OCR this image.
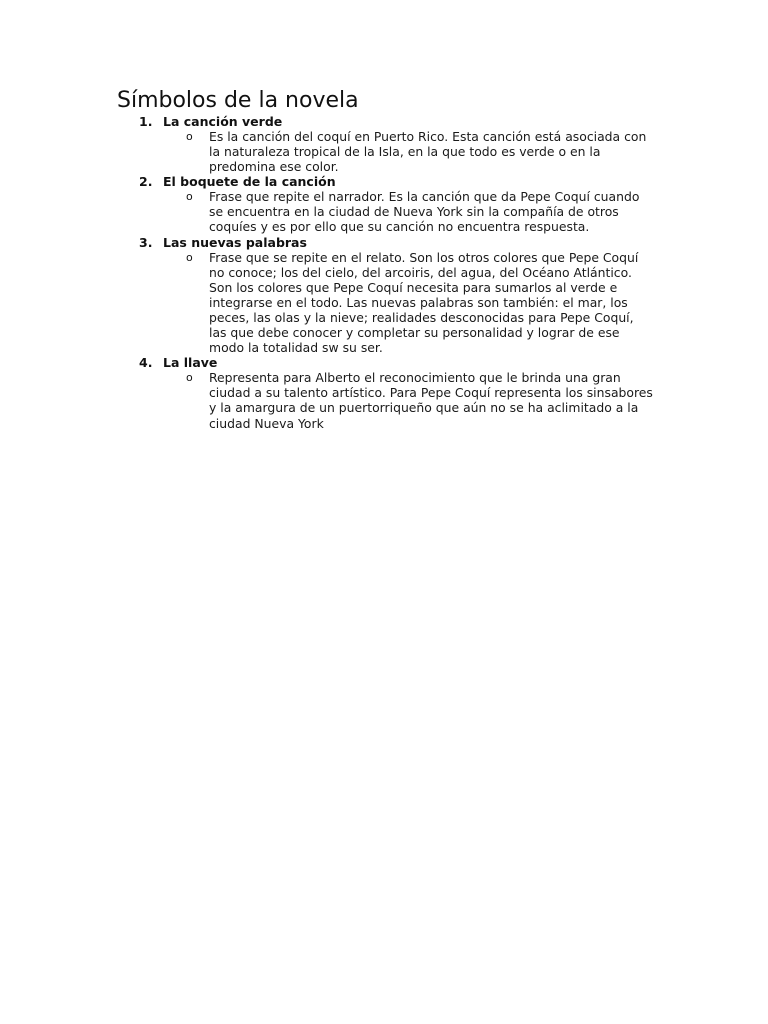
Símbolos de la novela
1. La canción verde
o Es la canción del coquí en Puerto Rico. Esta canción está asociada con la naturaleza tropical de la Isla, en la que todo es verde o en la predomina ese color.
2. El boquete de la canción
o Frase que repite el narrador. Es la canción que da Pepe Coquí cuando se encuentra en la ciudad de Nueva York sin la compañía de otros coquíes y es por ello que su canción no encuentra respuesta.
3. Las nuevas palabras
o Frase que se repite en el relato. Son los otros colores que Pepe Coquí no conoce; los del cielo, del arcoiris, del agua, del Océano Atlántico. Son los colores que Pepe Coquí necesita para sumarlos al verde e integrarse en el todo. Las nuevas palabras son también: el mar, los peces, las olas y la nieve; realidades desconocidas para Pepe Coquí, las que debe conocer y completar su personalidad y lograr de ese modo la totalidad sw su ser.
4. La llave
o Representa para Alberto el reconocimiento que le brinda una gran ciudad a su talento artístico. Para Pepe Coquí representa los sinsabores y la amargura de un puertorriqueño que aún no se ha aclimitado a la ciudad Nueva York
